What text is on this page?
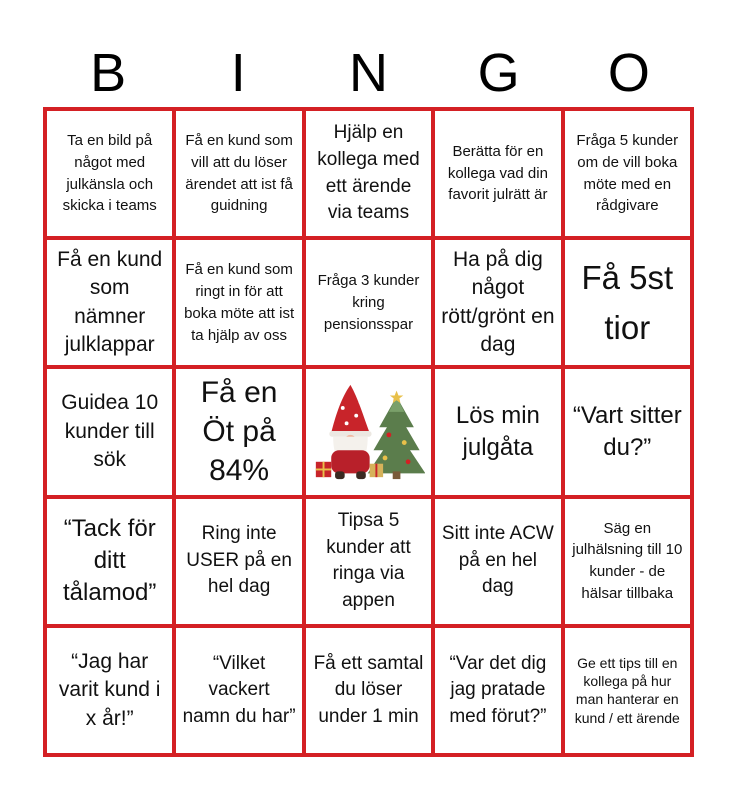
B	I	N	G	O
Ta en bild på något med julkänsla och skicka i teams
Få en kund som vill att du löser ärendet att ist få guidning
Hjälp en kollega med ett ärende via teams
Berätta för en kollega vad din favorit julrätt är
Fråga 5 kunder om de vill boka möte med en rådgivare
Få en kund som nämner julklappar
Få en kund som ringt in för att boka möte att ist ta hjälp av oss
Fråga 3 kunder kring pensionsspar
Ha på dig något rött/grönt en dag
Få 5st tior
Guidea 10 kunder till sök
Få en Öt på 84%
Lös min julgåta
“Vart sitter du?”
“Tack för ditt tålamod”
Ring inte USER på en hel dag
Tipsa 5 kunder att ringa via appen
Sitt inte ACW på en hel dag
Säg en julhälsning till 10 kunder - de hälsar tillbaka
“Jag har varit kund i x år!”
“Vilket vackert namn du har”
Få ett samtal du löser under 1 min
“Var det dig jag pratade med förut?”
Ge ett tips till en kollega på hur man hanterar en kund / ett ärende
